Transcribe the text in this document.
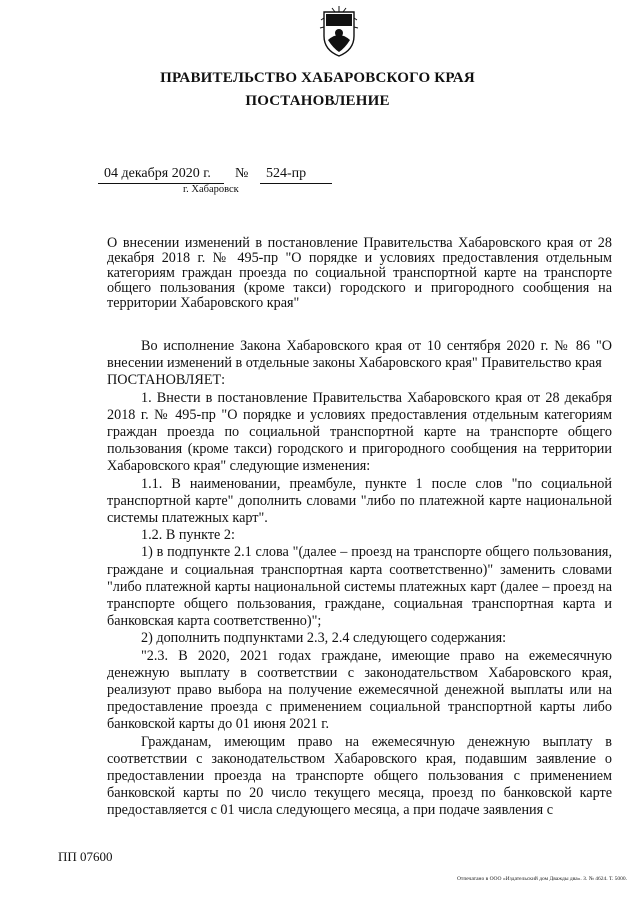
ПРАВИТЕЛЬСТВО ХАБАРОВСКОГО КРАЯ
ПОСТАНОВЛЕНИЕ
04 декабря 2020 г. № 524-пр
г. Хабаровск
О внесении изменений в постановление Правительства Хабаровского края от 28 декабря 2018 г. № 495-пр "О порядке и условиях предоставления отдельным категориям граждан проезда по социальной транспортной карте на транспорте общего пользования (кроме такси) городского и пригородного сообщения на территории Хабаровского края"

Во исполнение Закона Хабаровского края от 10 сентября 2020 г. № 86 "О внесении изменений в отдельные законы Хабаровского края" Правительство края

ПОСТАНОВЛЯЕТ:

1. Внести в постановление Правительства Хабаровского края от 28 декабря 2018 г. № 495-пр "О порядке и условиях предоставления отдельным категориям граждан проезда по социальной транспортной карте на транспорте общего пользования (кроме такси) городского и пригородного сообщения на территории Хабаровского края" следующие изменения:

1.1. В наименовании, преамбуле, пункте 1 после слов "по социальной транспортной карте" дополнить словами "либо по платежной карте национальной системы платежных карт".

1.2. В пункте 2:

1) в подпункте 2.1 слова "(далее – проезд на транспорте общего пользования, граждане и социальная транспортная карта соответственно)" заменить словами "либо платежной карты национальной системы платежных карт (далее – проезд на транспорте общего пользования, граждане, социальная транспортная карта и банковская карта соответственно)";

2) дополнить подпунктами 2.3, 2.4 следующего содержания:

"2.3. В 2020, 2021 годах граждане, имеющие право на ежемесячную денежную выплату в соответствии с законодательством Хабаровского края, реализуют право выбора на получение ежемесячной денежной выплаты или на предоставление проезда с применением социальной транспортной карты либо банковской карты до 01 июня 2021 г.

Гражданам, имеющим право на ежемесячную денежную выплату в соответствии с законодательством Хабаровского края, подавшим заявление о предоставлении проезда на транспорте общего пользования с применением банковской карты по 20 число текущего месяца, проезд по банковской карте предоставляется с 01 числа следующего месяца, а при подаче заявления с

ПП 07600
Отпечатано в ООО «Издательский дом Дважды два». З. № 4624. Т. 5000.
